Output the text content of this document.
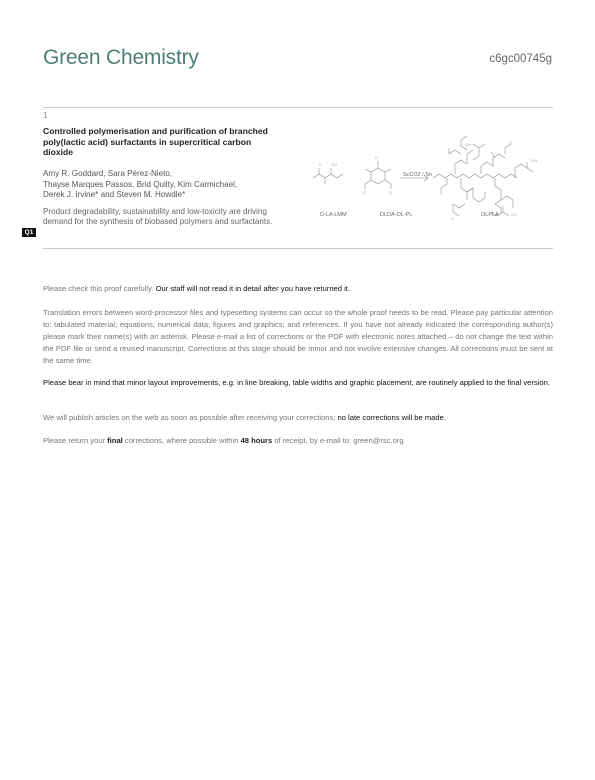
Green Chemistry	c6gc00745g
1
Controlled polymerisation and purification of branched poly(lactic acid) surfactants in supercritical carbon dioxide
Amy R. Goddard, Sara Pérez-Nieto,
Thayse Marques Passos, Brid Quilty, Kim Carmichael,
Derek J. Irvine* and Steven M. Howdle*
Product degradability, sustainability and low-toxicity are driving demand for the synthesis of biobased polymers and surfactants.
Q1
O OH
O
O	O
OH	O
OH
O
OH
D-LA-LMM	DLDA-OL-PL	OLPLA
ScCO2 / Sn
Please check this proof carefully. Our staff will not read it in detail after you have returned it.
Translation errors between word-processor files and typesetting systems can occur so the whole proof needs to be read. Please pay particular attention to: tabulated material; equations; numerical data; figures and graphics; and references. If you have not already indicated the corresponding author(s) please mark their name(s) with an asterisk. Please e-mail a list of corrections or the PDF with electronic notes attached – do not change the text within the PDF file or send a revised manuscript. Corrections at this stage should be minor and not involve extensive changes. All corrections must be sent at the same time.
Please bear in mind that minor layout improvements, e.g. in line breaking, table widths and graphic placement, are routinely applied to the final version.
We will publish articles on the web as soon as possible after receiving your corrections; no late corrections will be made.
Please return your final corrections, where possible within 48 hours of receipt, by e-mail to: green@rsc.org
